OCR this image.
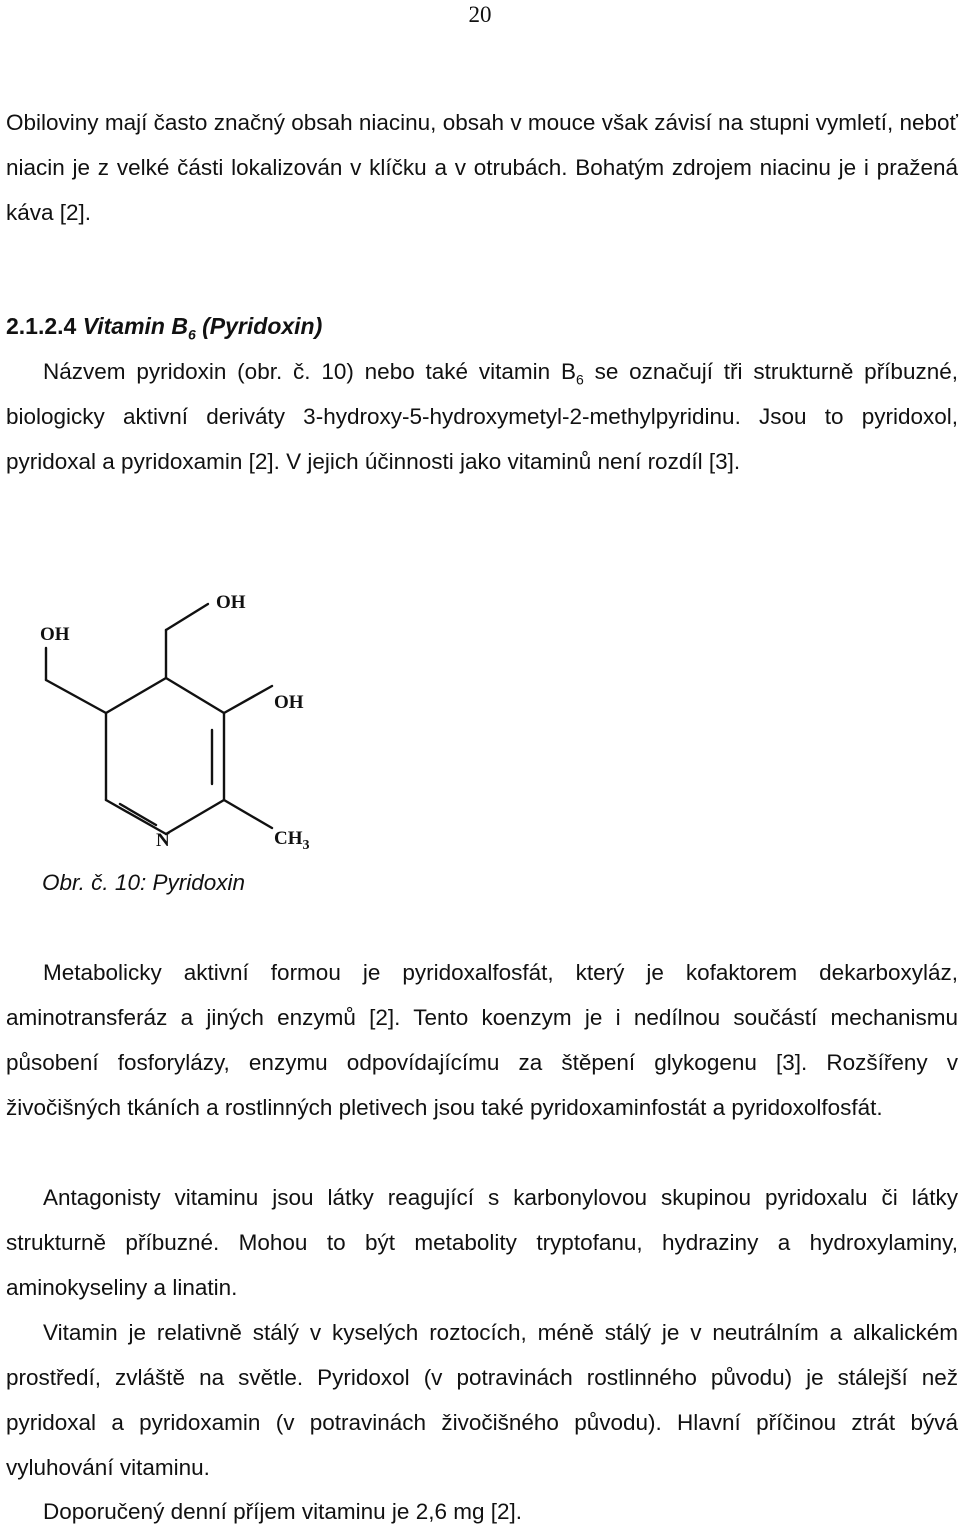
20

Obiloviny mají často značný obsah niacinu, obsah v mouce však závisí na stupni vymletí, neboť niacin je z velké části lokalizován v klíčku a v otrubách. Bohatým zdrojem niacinu je i pražená káva [2].

2.1.2.4 Vitamin $B_6$ (Pyridoxin)

Názvem pyridoxin (obr. č. 10) nebo také vitamin $B_6$ se označují tři strukturně příbuzné, biologicky aktivní deriváty 3-hydroxy-5-hydroxymetyl-2-methylpyridinu. Jsou to pyridoxol, pyridoxal a pyridoxamin [2]. V jejich účinnosti jako vitaminů není rozdíl [3].

OH
OH
OH
N	$CH_3$

Obr. č. 10: Pyridoxin

Metabolicky aktivní formou je pyridoxalfosfát, který je kofaktorem dekarboxyláz, aminotransferáz a jiných enzymů [2]. Tento koenzym je i nedílnou součástí mechanismu působení fosforylázy, enzymu odpovídajícímu za štěpení glykogenu [3]. Rozšířeny v živočišných tkáních a rostlinných pletivech jsou také pyridoxaminfostát a pyridoxolfosfát.

Antagonisty vitaminu jsou látky reagující s karbonylovou skupinou pyridoxalu či látky strukturně příbuzné. Mohou to být metabolity tryptofanu, hydraziny a hydroxylaminy, aminokyseliny a linatin.

Vitamin je relativně stálý v kyselých roztocích, méně stálý je v neutrálním a alkalickém prostředí, zvláště na světle. Pyridoxol (v potravinách rostlinného původu) je stálejší než pyridoxal a pyridoxamin (v potravinách živočišného původu). Hlavní příčinou ztrát bývá vyluhování vitaminu.

Doporučený denní příjem vitaminu je 2,6 mg [2].
